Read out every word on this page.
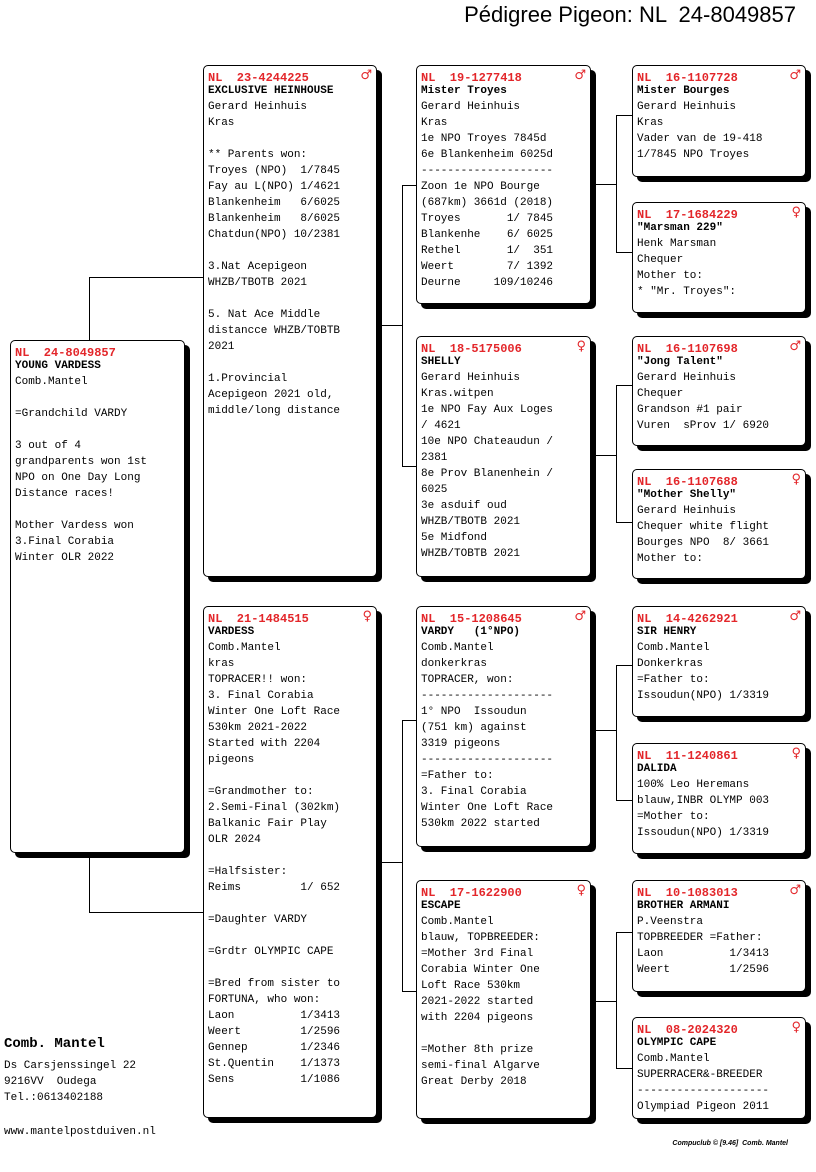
Pédigree Pigeon: NL  24-8049857
NL  24-8049857
YOUNG VARDESS
Comb.Mantel
=Grandchild VARDY
3 out of 4
grandparents won 1st
NPO on One Day Long
Distance races!
Mother Vardess won
3.Final Corabia
Winter OLR 2022
NL  23-4244225	♂
EXCLUSIVE HEINHOUSE
Gerard Heinhuis
Kras
** Parents won:
Troyes (NPO)  1/7845
Fay au L(NPO) 1/4621
Blankenheim   6/6025
Blankenheim   8/6025
Chatdun(NPO) 10/2381
3.Nat Acepigeon
WHZB/TBOTB 2021
5. Nat Ace Middle
distancce WHZB/TOBTB
2021
1.Provincial
Acepigeon 2021 old,
middle/long distance
NL  21-1484515	♀
VARDESS
Comb.Mantel
kras
TOPRACER!! won:
3. Final Corabia
Winter One Loft Race
530km 2021-2022
Started with 2204
pigeons
=Grandmother to:
2.Semi-Final (302km)
Balkanic Fair Play
OLR 2024
=Halfsister:
Reims         1/ 652
=Daughter VARDY
=Grdtr OLYMPIC CAPE
=Bred from sister to
FORTUNA, who won:
Laon          1/3413
Weert         1/2596
Gennep        1/2346
St.Quentin    1/1373
Sens          1/1086
NL  19-1277418	♂
Mister Troyes
Gerard Heinhuis
Kras
1e NPO Troyes 7845d
6e Blankenheim 6025d
--------------------
Zoon 1e NPO Bourge
(687km) 3661d (2018)
Troyes       1/ 7845
Blankenhe    6/ 6025
Rethel       1/  351
Weert        7/ 1392
Deurne     109/10246
NL  18-5175006	♀
SHELLY
Gerard Heinhuis
Kras.witpen
1e NPO Fay Aux Loges
/ 4621
10e NPO Chateaudun /
2381
8e Prov Blanenhein /
6025
3e asduif oud
WHZB/TBOTB 2021
5e Midfond
WHZB/TOBTB 2021
NL  15-1208645	♂
VARDY   (1°NPO)
Comb.Mantel
donkerkras
TOPRACER, won:
--------------------
1° NPO  Issoudun
(751 km) against
3319 pigeons
--------------------
=Father to:
3. Final Corabia
Winter One Loft Race
530km 2022 started
NL  17-1622900	♀
ESCAPE
Comb.Mantel
blauw, TOPBREEDER:
=Mother 3rd Final
Corabia Winter One
Loft Race 530km
2021-2022 started
with 2204 pigeons
=Mother 8th prize
semi-final Algarve
Great Derby 2018
NL  16-1107728	♂
Mister Bourges
Gerard Heinhuis
Kras
Vader van de 19-418
1/7845 NPO Troyes
NL  17-1684229	♀
"Marsman 229"
Henk Marsman
Chequer
Mother to:
* "Mr. Troyes":
NL  16-1107698	♂
"Jong Talent"
Gerard Heinhuis
Chequer
Grandson #1 pair
Vuren  sProv 1/ 6920
NL  16-1107688	♀
"Mother Shelly"
Gerard Heinhuis
Chequer white flight
Bourges NPO  8/ 3661
Mother to:
NL  14-4262921	♂
SIR HENRY
Comb.Mantel
Donkerkras
=Father to:
Issoudun(NPO) 1/3319
NL  11-1240861	♀
DALIDA
100% Leo Heremans
blauw,INBR OLYMP 003
=Mother to:
Issoudun(NPO) 1/3319
NL  10-1083013	♂
BROTHER ARMANI
P.Veenstra
TOPBREEDER =Father:
Laon          1/3413
Weert         1/2596
NL  08-2024320	♀
OLYMPIC CAPE
Comb.Mantel
SUPERRACER&-BREEDER
--------------------
Olympiad Pigeon 2011
Comb. Mantel
Ds Carsjenssingel 22
9216VV  Oudega
Tel.:0613402188
www.mantelpostduiven.nl
Compuclub © [9.46]  Comb. Mantel
